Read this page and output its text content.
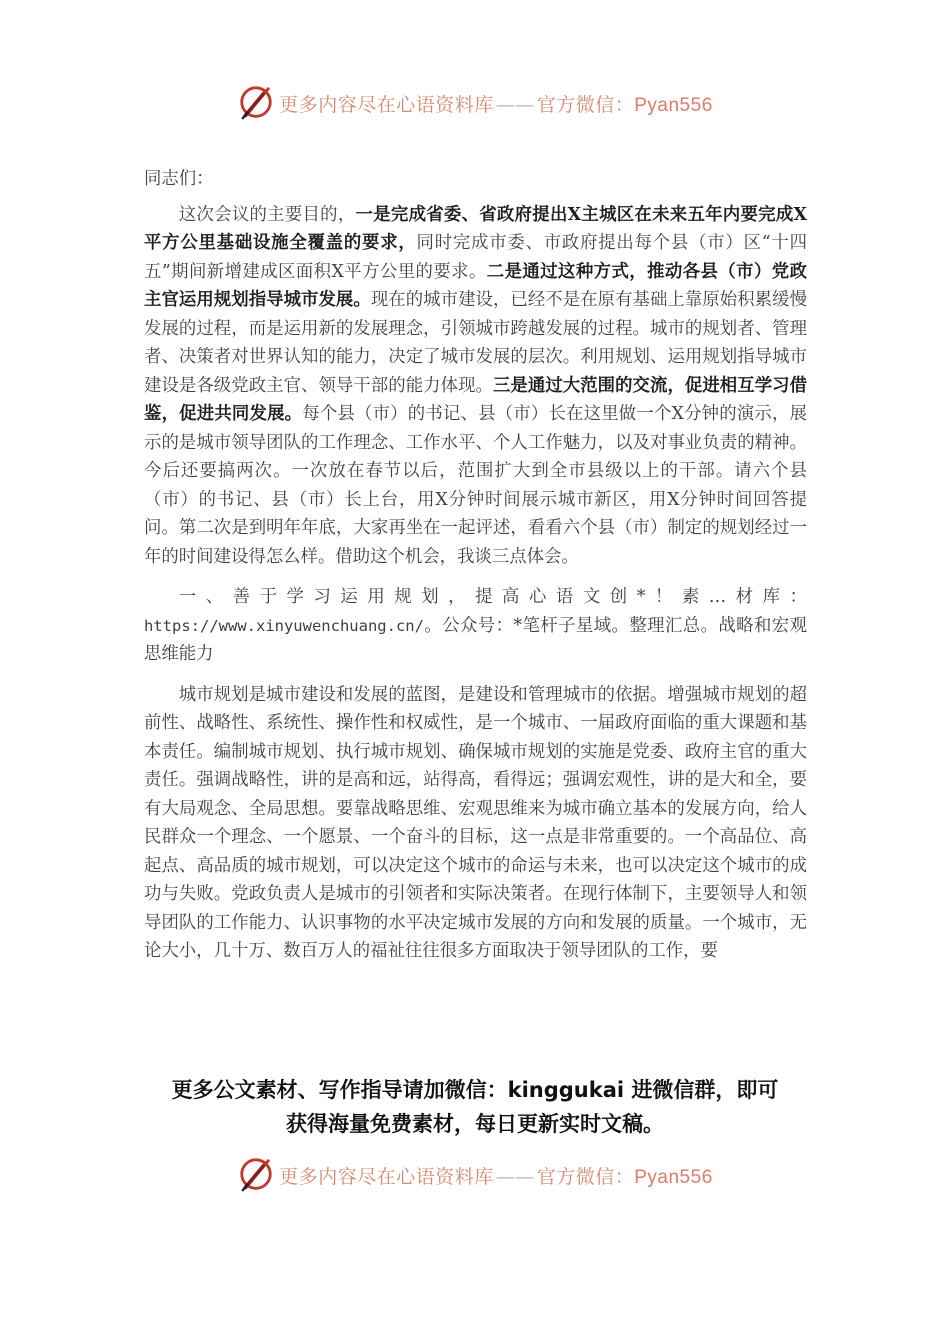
更多内容尽在心语资料库 —— 官方微信：Pyan556

同志们：

这次会议的主要目的，一是完成省委、省政府提出X主城区在未来五年内要完成X平方公里基础设施全覆盖的要求，同时完成市委、市政府提出每个县（市）区“十四五”期间新增建成区面积X平方公里的要求。二是通过这种方式，推动各县（市）党政主官运用规划指导城市发展。现在的城市建设，已经不是在原有基础上靠原始积累缓慢发展的过程，而是运用新的发展理念，引领城市跨越发展的过程。城市的规划者、管理者、决策者对世界认知的能力，决定了城市发展的层次。利用规划、运用规划指导城市建设是各级党政主官、领导干部的能力体现。三是通过大范围的交流，促进相互学习借鉴，促进共同发展。每个县（市）的书记、县（市）长在这里做一个X分钟的演示，展示的是城市领导团队的工作理念、工作水平、个人工作魅力，以及对事业负责的精神。今后还要搞两次。一次放在春节以后，范围扩大到全市县级以上的干部。请六个县（市）的书记、县（市）长上台，用X分钟时间展示城市新区，用X分钟时间回答提问。第二次是到明年年底，大家再坐在一起评述，看看六个县（市）制定的规划经过一年的时间建设得怎么样。借助这个机会，我谈三点体会。

一、善于学习运用规划，提高心语文创*！素…材库：https://www.xinyuwenchuang.cn/。公众号：*笔杆子星域。整理汇总。战略和宏观思维能力

城市规划是城市建设和发展的蓝图，是建设和管理城市的依据。增强城市规划的超前性、战略性、系统性、操作性和权威性，是一个城市、一届政府面临的重大课题和基本责任。编制城市规划、执行城市规划、确保城市规划的实施是党委、政府主官的重大责任。强调战略性，讲的是高和远，站得高，看得远；强调宏观性，讲的是大和全，要有大局观念、全局思想。要靠战略思维、宏观思维来为城市确立基本的发展方向，给人民群众一个理念、一个愿景、一个奋斗的目标，这一点是非常重要的。一个高品位、高起点、高品质的城市规划，可以决定这个城市的命运与未来，也可以决定这个城市的成功与失败。党政负责人是城市的引领者和实际决策者。在现行体制下，主要领导人和领导团队的工作能力、认识事物的水平决定城市发展的方向和发展的质量。一个城市，无论大小，几十万、数百万人的福祉往往很多方面取决于领导团队的工作，要

更多公文素材、写作指导请加微信：kinggukai 进微信群，即可
获得海量免费素材，每日更新实时文稿。
更多内容尽在心语资料库 —— 官方微信：Pyan556
